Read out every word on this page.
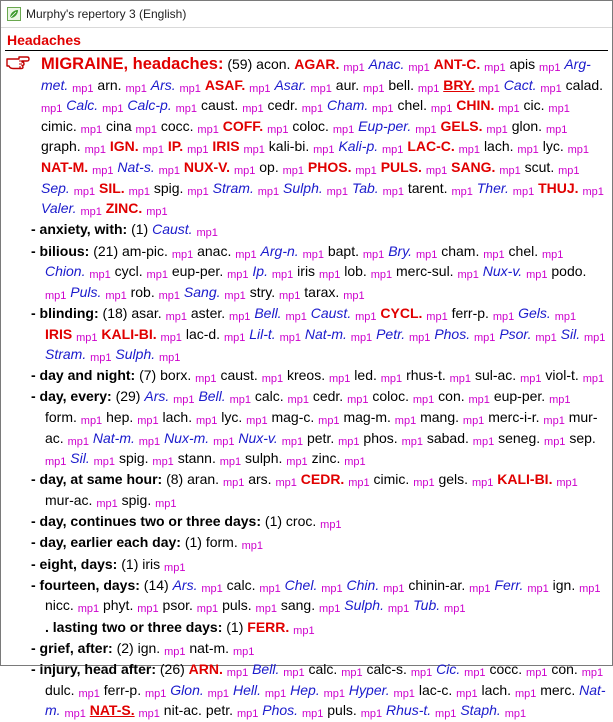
Murphy's repertory 3 (English)
Headaches
MIGRAINE, headaches: (59) acon. AGAR. mp1 Anac. mp1 ANT-C. mp1 apis mp1 Arg-met. mp1 arn. mp1 Ars. mp1 ASAF. mp1 Asar. mp1 aur. mp1 bell. mp1 BRY. mp1 Cact. mp1 calad. mp1 Calc. mp1 Calc-p. mp1 caust. mp1 cedr. mp1 Cham. mp1 chel. mp1 CHIN. mp1 cic. mp1 cimic. mp1 cina mp1 cocc. mp1 COFF. mp1 coloc. mp1 Eup-per. mp1 GELS. mp1 glon. mp1 graph. mp1 IGN. mp1 IP. mp1 IRIS mp1 kali-bi. mp1 Kali-p. mp1 LAC-C. mp1 lach. mp1 lyc. mp1 NAT-M. mp1 Nat-s. mp1 NUX-V. mp1 op. mp1 PHOS. mp1 PULS. mp1 SANG. mp1 scut. mp1 Sep. mp1 SIL. mp1 spig. mp1 Stram. mp1 Sulph. mp1 Tab. mp1 tarent. mp1 Ther. mp1 THUJ. mp1 Valer. mp1 ZINC. mp1
- anxiety, with: (1) Caust. mp1
- bilious: (21) am-pic. mp1 anac. mp1 Arg-n. mp1 bapt. mp1 Bry. mp1 cham. mp1 chel. mp1 Chion. mp1 cycl. mp1 eup-per. mp1 Ip. mp1 iris mp1 lob. mp1 merc-sul. mp1 Nux-v. mp1 podo. mp1 Puls. mp1 rob. mp1 Sang. mp1 stry. mp1 tarax. mp1
- blinding: (18) asar. mp1 aster. mp1 Bell. mp1 Caust. mp1 CYCL. mp1 ferr-p. mp1 Gels. mp1 IRIS mp1 KALI-BI. mp1 lac-d. mp1 Lil-t. mp1 Nat-m. mp1 Petr. mp1 Phos. mp1 Psor. mp1 Sil. mp1 Stram. mp1 Sulph. mp1
- day and night: (7) borx. mp1 caust. mp1 kreos. mp1 led. mp1 rhus-t. mp1 sul-ac. mp1 viol-t. mp1
- day, every: (29) Ars. mp1 Bell. mp1 calc. mp1 cedr. mp1 coloc. mp1 con. mp1 eup-per. mp1 form. mp1 hep. mp1 lach. mp1 lyc. mp1 mag-c. mp1 mag-m. mp1 mang. mp1 merc-i-r. mp1 mur-ac. mp1 Nat-m. mp1 Nux-m. mp1 Nux-v. mp1 petr. mp1 phos. mp1 sabad. mp1 seneg. mp1 sep. mp1 Sil. mp1 spig. mp1 stann. mp1 sulph. mp1 zinc. mp1
- day, at same hour: (8) aran. mp1 ars. mp1 CEDR. mp1 cimic. mp1 gels. mp1 KALI-BI. mp1 mur-ac. mp1 spig. mp1
- day, continues two or three days: (1) croc. mp1
- day, earlier each day: (1) form. mp1
- eight, days: (1) iris mp1
- fourteen, days: (14) Ars. mp1 calc. mp1 Chel. mp1 Chin. mp1 chinin-ar. mp1 Ferr. mp1 ign. mp1 nicc. mp1 phyt. mp1 psor. mp1 puls. mp1 sang. mp1 Sulph. mp1 Tub. mp1
. lasting two or three days: (1) FERR. mp1
- grief, after: (2) ign. mp1 nat-m. mp1
- injury, head after: (26) ARN. mp1 Bell. mp1 calc. mp1 calc-s. mp1 Cic. mp1 cocc. mp1 con. mp1 dulc. mp1 ferr-p. mp1 Glon. mp1 Hell. mp1 Hep. mp1 Hyper. mp1 lac-c. mp1 lach. mp1 merc. Nat-m. mp1 NAT-S. mp1 nit-ac. petr. mp1 Phos. mp1 puls. mp1 Rhus-t. mp1 Staph. mp1
